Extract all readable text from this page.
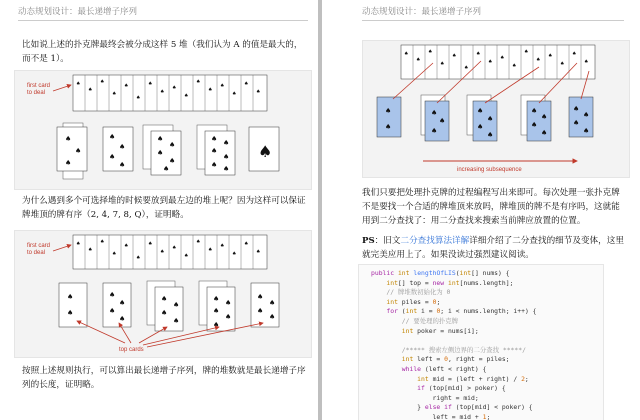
动态规划设计：最长递增子序列

比如说上述的扑克牌最终会被分成这样 5 堆（我们认为 A 的值是最大的，而不是 1）。

first card
to deal
♠
♠
♠
♠
♠
♠
♠
♠
♠
♠
♠
♠
♠
♠
♠
♠
♠
♠
♠
♠
♠
♠
♠
♠
♠
♠
♠
♠
♠ ♠
♠
♠
♠ ♠
♠

为什么遇到多个可选择堆的时候要放到最左边的堆上呢？因为这样可以保证牌堆顶的牌有序（2, 4, 7, 8, Q），证明略。

first card
to deal
♠
♠
♠
♠
♠
♠
♠
♠
♠
♠
♠
♠
♠
♠
♠
♠
♠
♠
♠
♠
♠
♠
♠
♠
♠
♠
♠ ♠
♠
♠
♠
♠
♠
♠
♠
top cards

按照上述规则执行，可以算出最长递增子序列，牌的堆数就是最长递增子序列的长度，证明略。

动态规划设计：最长递增子序列
♠
♠
♠
♠
♠
♠
♠
♠
♠
♠
♠
♠
♠
♠
♠
♠
♠
♠
♠
♠
♠
♠
♠
♠
♠
♠
♠
♠
♠
♠
♠
♠
♠
increasing subsequence

我们只要把处理扑克牌的过程编程写出来即可。每次处理一张扑克牌不是要找一个合适的牌堆顶来放吗，牌堆顶的牌不是有序吗，这就能用到二分查找了：用二分查找来搜索当前牌应放置的位置。

PS：旧文二分查找算法详解详细介绍了二分查找的细节及变体，这里就完美应用上了。如果没读过强烈建议阅读。

public int lengthOfLIS(int[] nums) {
int[] top = new int[nums.length];
// 牌堆数初始化为 0
int piles = 0;
for (int i = 0; i < nums.length; i++) {
// 要处理的扑克牌
int poker = nums[i];
/***** 搜索左侧边界的二分查找 *****/
int left = 0, right = piles;
while (left < right) {
int mid = (left + right) / 2;
if (top[mid] > poker) {
right = mid;
} else if (top[mid] < poker) {
left = mid + 1;
